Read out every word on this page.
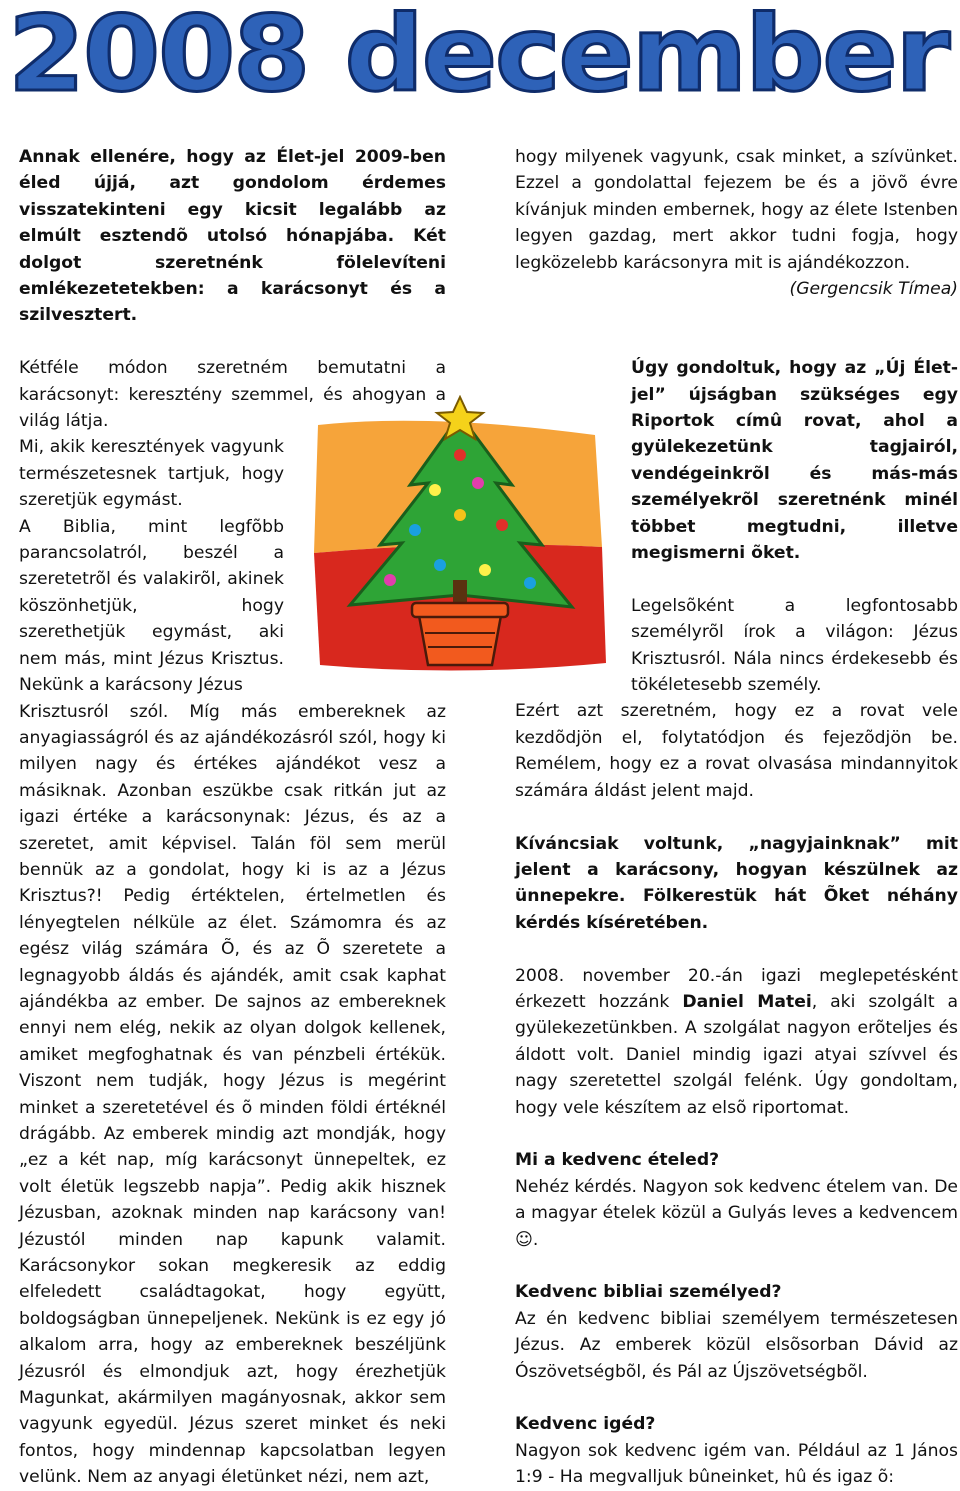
2008 december

Annak ellenére, hogy az Élet-jel 2009-ben éled újjá, azt gondolom érdemes visszatekinteni egy kicsit legalább az elmúlt esztendõ utolsó hónapjába. Két dolgot szeretnénk fölelevíteni emlékezetetekben: a karácsonyt és a szilvesztert.

Kétféle módon szeretném bemutatni a karácsonyt: keresztény szemmel, és ahogyan a világ látja.

Mi, akik keresztények vagyunk természetesnek tartjuk, hogy szeretjük egymást.

A Biblia, mint legfõbb parancsolatról, beszél a szeretetrõl és valakirõl, akinek köszönhetjük, hogy szerethetjük egymást, aki nem más, mint Jézus Krisztus. Nekünk a karácsony Jézus

Krisztusról szól. Míg más embereknek az anyagiasságról és az ajándékozásról szól, hogy ki milyen nagy és értékes ajándékot vesz a másiknak. Azonban eszükbe csak ritkán jut az igazi értéke a karácsonynak: Jézus, és az a szeretet, amit képvisel. Talán föl sem merül bennük az a gondolat, hogy ki is az a Jézus Krisztus?! Pedig értéktelen, értelmetlen és lényegtelen nélküle az élet. Számomra és az egész világ számára Õ, és az Õ szeretete a legnagyobb áldás és ajándék, amit csak kaphat ajándékba az ember. De sajnos az embereknek ennyi nem elég, nekik az olyan dolgok kellenek, amiket megfoghatnak és van pénzbeli értékük. Viszont nem tudják, hogy Jézus is megérint minket a szeretetével és õ minden földi értéknél drágább. Az emberek mindig azt mondják, hogy „ez a két nap, míg karácsonyt ünnepeltek, ez volt életük legszebb napja”. Pedig akik hisznek Jézusban, azoknak minden nap karácsony van! Jézustól minden nap kapunk valamit. Karácsonykor sokan megkeresik az eddig elfeledett családtagokat, hogy együtt, boldogságban ünnepeljenek. Nekünk is ez egy jó alkalom arra, hogy az embereknek beszéljünk Jézusról és elmondjuk azt, hogy érezhetjük Magunkat, akármilyen magányosnak, akkor sem vagyunk egyedül. Jézus szeret minket és neki fontos, hogy mindennap kapcsolatban legyen velünk. Nem az anyagi életünket nézi, nem azt,

hogy milyenek vagyunk, csak minket, a szívünket. Ezzel a gondolattal fejezem be és a jövõ évre kívánjuk minden embernek, hogy az élete Istenben legyen gazdag, mert akkor tudni fogja, hogy legközelebb karácsonyra mit is ajándékozzon.

(Gergencsik Tímea)

Úgy gondoltuk, hogy az „Új Élet-jel” újságban szükséges egy Riportok címû rovat, ahol a gyülekezetünk tagjairól, vendégeinkrõl és más-más személyekrõl szeretnénk minél többet megtudni, illetve megismerni õket.

Legelsõként a legfontosabb személyrõl írok a világon: Jézus Krisztusról. Nála nincs érdekesebb és tökéletesebb személy.

Ezért azt szeretném, hogy ez a rovat vele kezdõdjön el, folytatódjon és fejezõdjön be. Remélem, hogy ez a rovat olvasása mindannyitok számára áldást jelent majd.

Kíváncsiak voltunk, „nagyjainknak” mit jelent a karácsony, hogyan készülnek az ünnepekre. Fölkerestük hát Õket néhány kérdés kíséretében.

2008. november 20.-án igazi meglepetésként érkezett hozzánk Daniel Matei, aki szolgált a gyülekezetünkben. A szolgálat nagyon erõteljes és áldott volt. Daniel mindig igazi atyai szívvel és nagy szeretettel szolgál felénk. Úgy gondoltam, hogy vele készítem az elsõ riportomat.

Mi a kedvenc ételed?

Nehéz kérdés. Nagyon sok kedvenc ételem van. De a magyar ételek közül a Gulyás leves a kedvencem☺.

Kedvenc bibliai személyed?

Az én kedvenc bibliai személyem természetesen Jézus. Az emberek közül elsõsorban Dávid az Ószövetségbõl, és Pál az Újszövetségbõl.

Kedvenc igéd?

Nagyon sok kedvenc igém van. Például az 1 János 1:9 - Ha megvalljuk bûneinket, hû és igaz õ:
